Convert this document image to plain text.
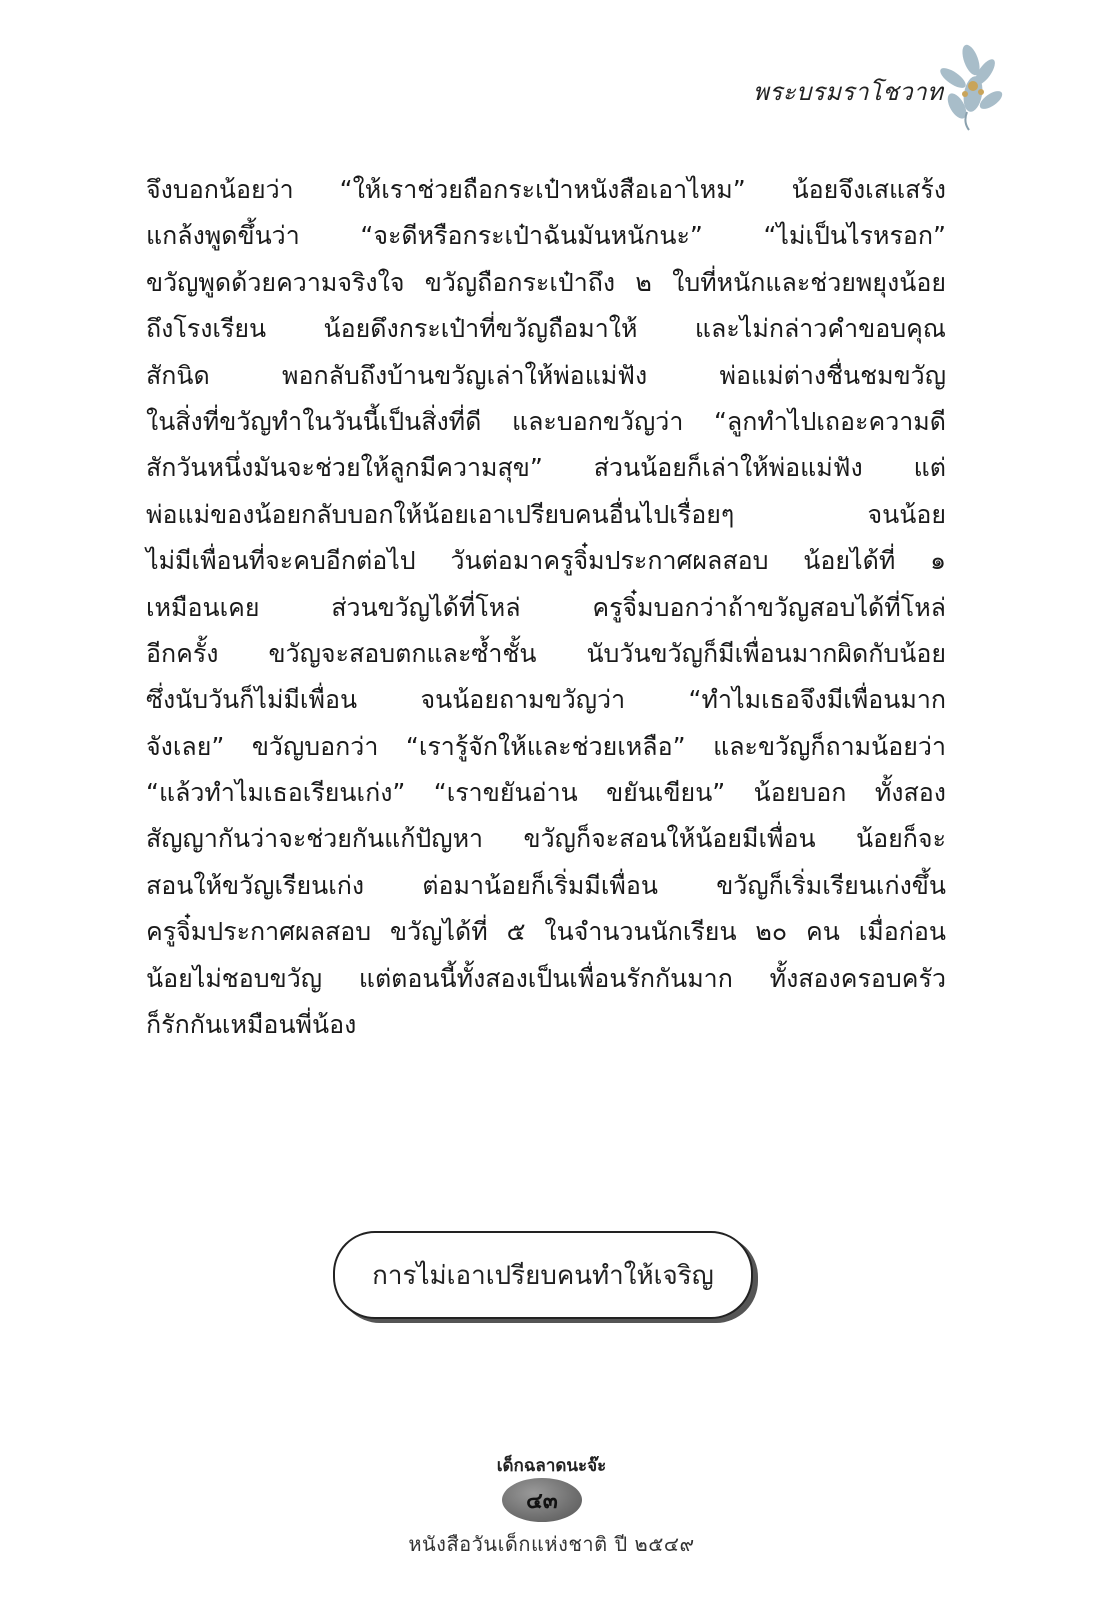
พระบรมราโชวาท
จึงบอกน้อยว่า “ให้เราช่วยถือกระเป๋าหนังสือเอาไหม” น้อยจึงเสแสร้ง
แกล้งพูดขึ้นว่า “จะดีหรือกระเป๋าฉันมันหนักนะ” “ไม่เป็นไรหรอก”
ขวัญพูดด้วยความจริงใจ ขวัญถือกระเป๋าถึง ๒ ใบที่หนักและช่วยพยุงน้อย
ถึงโรงเรียน น้อยดึงกระเป๋าที่ขวัญถือมาให้ และไม่กล่าวคำขอบคุณ
สักนิด พอกลับถึงบ้านขวัญเล่าให้พ่อแม่ฟัง พ่อแม่ต่างชื่นชมขวัญ
ในสิ่งที่ขวัญทำในวันนี้เป็นสิ่งที่ดี และบอกขวัญว่า “ลูกทำไปเถอะความดี
สักวันหนึ่งมันจะช่วยให้ลูกมีความสุข” ส่วนน้อยก็เล่าให้พ่อแม่ฟัง แต่
พ่อแม่ของน้อยกลับบอกให้น้อยเอาเปรียบคนอื่นไปเรื่อยๆ จนน้อย
ไม่มีเพื่อนที่จะคบอีกต่อไป วันต่อมาครูจิ๋มประกาศผลสอบ น้อยได้ที่ ๑
เหมือนเคย ส่วนขวัญได้ที่โหล่ ครูจิ๋มบอกว่าถ้าขวัญสอบได้ที่โหล่
อีกครั้ง ขวัญจะสอบตกและซ้ำชั้น นับวันขวัญก็มีเพื่อนมากผิดกับน้อย
ซึ่งนับวันก็ไม่มีเพื่อน จนน้อยถามขวัญว่า “ทำไมเธอจึงมีเพื่อนมาก
จังเลย” ขวัญบอกว่า “เรารู้จักให้และช่วยเหลือ” และขวัญก็ถามน้อยว่า
“แล้วทำไมเธอเรียนเก่ง” “เราขยันอ่าน ขยันเขียน” น้อยบอก ทั้งสอง
สัญญากันว่าจะช่วยกันแก้ปัญหา ขวัญก็จะสอนให้น้อยมีเพื่อน น้อยก็จะ
สอนให้ขวัญเรียนเก่ง ต่อมาน้อยก็เริ่มมีเพื่อน ขวัญก็เริ่มเรียนเก่งขึ้น
ครูจิ๋มประกาศผลสอบ ขวัญได้ที่ ๕ ในจำนวนนักเรียน ๒๐ คน เมื่อก่อน
น้อยไม่ชอบขวัญ แต่ตอนนี้ทั้งสองเป็นเพื่อนรักกันมาก ทั้งสองครอบครัว
ก็รักกันเหมือนพี่น้อง
การไม่เอาเปรียบคนทำให้เจริญ
เด็กฉลาดนะจ๊ะ
๔๓
หนังสือวันเด็กแห่งชาติ ปี ๒๕๔๙
